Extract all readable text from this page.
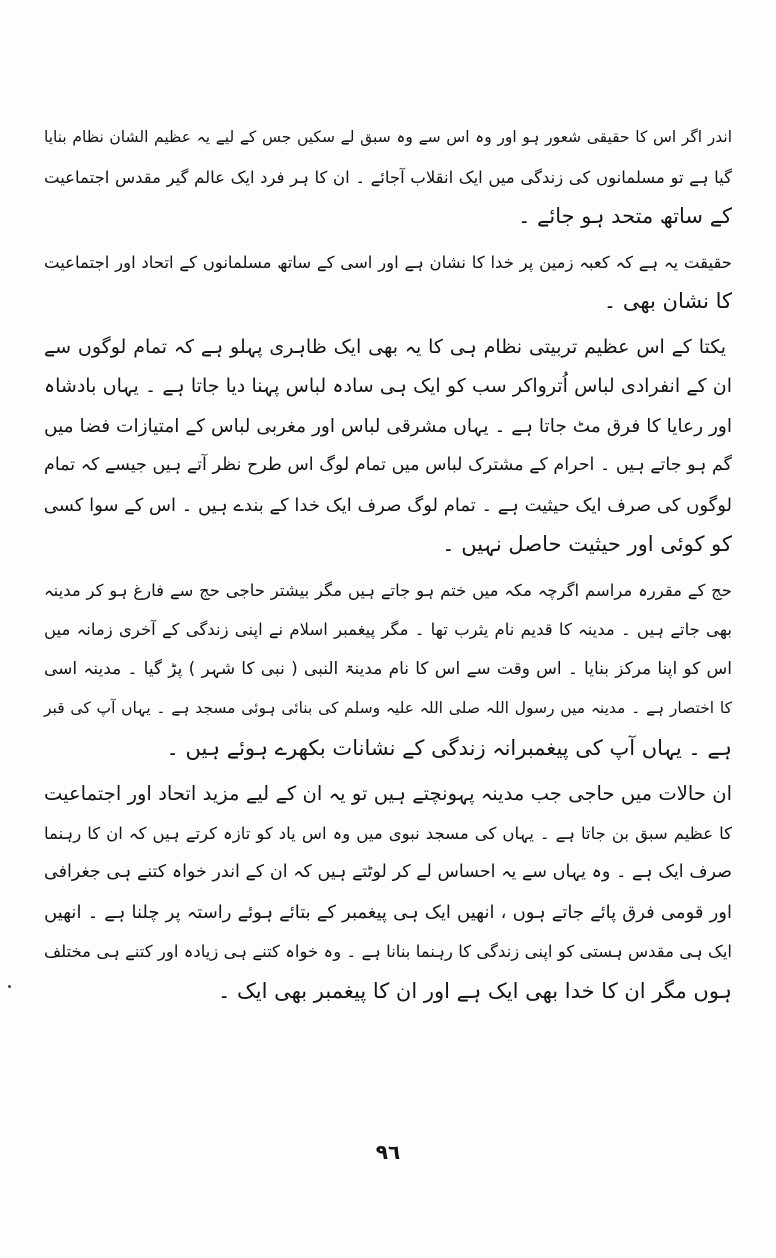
اندر اگر اس کا حقیقی شعور ہو اور وہ اس سے وہ سبق لے سکیں جس کے لیے یہ عظیم الشان نظام بنایا
گیا ہے تو مسلمانوں کی زندگی میں ایک انقلاب آجائے ۔ ان کا ہر فرد ایک عالم گیر مقدس اجتماعیت
کے ساتھ متحد ہو جائے ۔
حقیقت یہ ہے کہ کعبہ زمین پر خدا کا نشان ہے اور اسی کے ساتھ مسلمانوں کے اتحاد اور اجتماعیت
کا نشان بھی ۔
یکتا کے اس عظیم تربیتی نظام ہی کا یہ بھی ایک ظاہری پہلو ہے کہ تمام لوگوں سے
ان کے انفرادی لباس اُترواکر سب کو ایک ہی سادہ لباس پہنا دیا جاتا ہے ۔ یہاں بادشاہ
اور رعایا کا فرق مٹ جاتا ہے ۔ یہاں مشرقی لباس اور مغربی لباس کے امتیازات فضا میں
گم ہو جاتے ہیں ۔ احرام کے مشترک لباس میں تمام لوگ اس طرح نظر آتے ہیں جیسے کہ تمام
لوگوں کی صرف ایک حیثیت ہے ۔ تمام لوگ صرف ایک خدا کے بندے ہیں ۔ اس کے سوا کسی
کو کوئی اور حیثیت حاصل نہیں ۔
حج کے مقررہ مراسم اگرچہ مکہ میں ختم ہو جاتے ہیں مگر بیشتر حاجی حج سے فارغ ہو کر مدینہ
بھی جاتے ہیں ۔ مدینہ کا قدیم نام یثرب تھا ۔ مگر پیغمبر اسلام نے اپنی زندگی کے آخری زمانہ میں
اس کو اپنا مرکز بنایا ۔ اس وقت سے اس کا نام مدینۃ النبی ( نبی کا شہر ) پڑ گیا ۔ مدینہ اسی
کا اختصار ہے ۔ مدینہ میں رسول اللہ صلی اللہ علیہ وسلم کی بنائی ہوئی مسجد ہے ۔ یہاں آپ کی قبر
ہے ۔ یہاں آپ کی پیغمبرانہ زندگی کے نشانات بکھرے ہوئے ہیں ۔
ان حالات میں حاجی جب مدینہ پہونچتے ہیں تو یہ ان کے لیے مزید اتحاد اور اجتماعیت
کا عظیم سبق بن جاتا ہے ۔ یہاں کی مسجد نبوی میں وہ اس یاد کو تازہ کرتے ہیں کہ ان کا رہنما
صرف ایک ہے ۔ وہ یہاں سے یہ احساس لے کر لوٹتے ہیں کہ ان کے اندر خواہ کتنے ہی جغرافی
اور قومی فرق پائے جاتے ہوں ، انھیں ایک ہی پیغمبر کے بتائے ہوئے راستہ پر چلنا ہے ۔ انھیں
ایک ہی مقدس ہستی کو اپنی زندگی کا رہنما بنانا ہے ۔ وہ خواہ کتنے ہی زیادہ اور کتنے ہی مختلف
ہوں مگر ان کا خدا بھی ایک ہے اور ان کا پیغمبر بھی ایک ۔
٩٦
